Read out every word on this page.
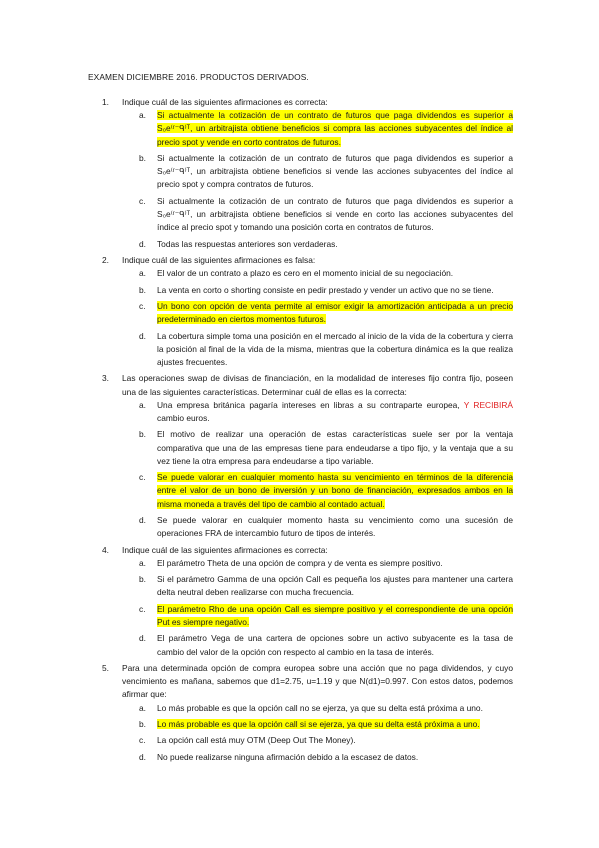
EXAMEN DICIEMBRE 2016. PRODUCTOS DERIVADOS.
1. Indique cuál de las siguientes afirmaciones es correcta:
a. Si actualmente la cotización de un contrato de futuros que paga dividendos es superior a S₀e⁽ʳ⁻ᑫ⁾ᵀ, un arbitrajista obtiene beneficios si compra las acciones subyacentes del índice al precio spot y vende en corto contratos de futuros.
b. Si actualmente la cotización de un contrato de futuros que paga dividendos es superior a S₀e⁽ʳ⁻ᑫ⁾ᵀ, un arbitrajista obtiene beneficios si vende las acciones subyacentes del índice al precio spot y compra contratos de futuros.
c. Si actualmente la cotización de un contrato de futuros que paga dividendos es superior a S₀e⁽ʳ⁻ᑫ⁾ᵀ, un arbitrajista obtiene beneficios si vende en corto las acciones subyacentes del índice al precio spot y tomando una posición corta en contratos de futuros.
d. Todas las respuestas anteriores son verdaderas.
2. Indique cuál de las siguientes afirmaciones es falsa:
a. El valor de un contrato a plazo es cero en el momento inicial de su negociación.
b. La venta en corto o shorting consiste en pedir prestado y vender un activo que no se tiene.
c. Un bono con opción de venta permite al emisor exigir la amortización anticipada a un precio predeterminado en ciertos momentos futuros.
d. La cobertura simple toma una posición en el mercado al inicio de la vida de la cobertura y cierra la posición al final de la vida de la misma, mientras que la cobertura dinámica es la que realiza ajustes frecuentes.
3. Las operaciones swap de divisas de financiación, en la modalidad de intereses fijo contra fijo, poseen una de las siguientes características. Determinar cuál de ellas es la correcta:
a. Una empresa británica pagaría intereses en libras a su contraparte europea, Y RECIBIRÁ cambio euros.
b. El motivo de realizar una operación de estas características suele ser por la ventaja comparativa que una de las empresas tiene para endeudarse a tipo fijo, y la ventaja que a su vez tiene la otra empresa para endeudarse a tipo variable.
c. Se puede valorar en cualquier momento hasta su vencimiento en términos de la diferencia entre el valor de un bono de inversión y un bono de financiación, expresados ambos en la misma moneda a través del tipo de cambio al contado actual.
d. Se puede valorar en cualquier momento hasta su vencimiento como una sucesión de operaciones FRA de intercambio futuro de tipos de interés.
4. Indique cuál de las siguientes afirmaciones es correcta:
a. El parámetro Theta de una opción de compra y de venta es siempre positivo.
b. Si el parámetro Gamma de una opción Call es pequeña los ajustes para mantener una cartera delta neutral deben realizarse con mucha frecuencia.
c. El parámetro Rho de una opción Call es siempre positivo y el correspondiente de una opción Put es siempre negativo.
d. El parámetro Vega de una cartera de opciones sobre un activo subyacente es la tasa de cambio del valor de la opción con respecto al cambio en la tasa de interés.
5. Para una determinada opción de compra europea sobre una acción que no paga dividendos, y cuyo vencimiento es mañana, sabemos que d1=2.75, u=1.19 y que N(d1)=0.997. Con estos datos, podemos afirmar que:
a. Lo más probable es que la opción call no se ejerza, ya que su delta está próxima a uno.
b. Lo más probable es que la opción call si se ejerza, ya que su delta está próxima a uno.
c. La opción call está muy OTM (Deep Out The Money).
d. No puede realizarse ninguna afirmación debido a la escasez de datos.
